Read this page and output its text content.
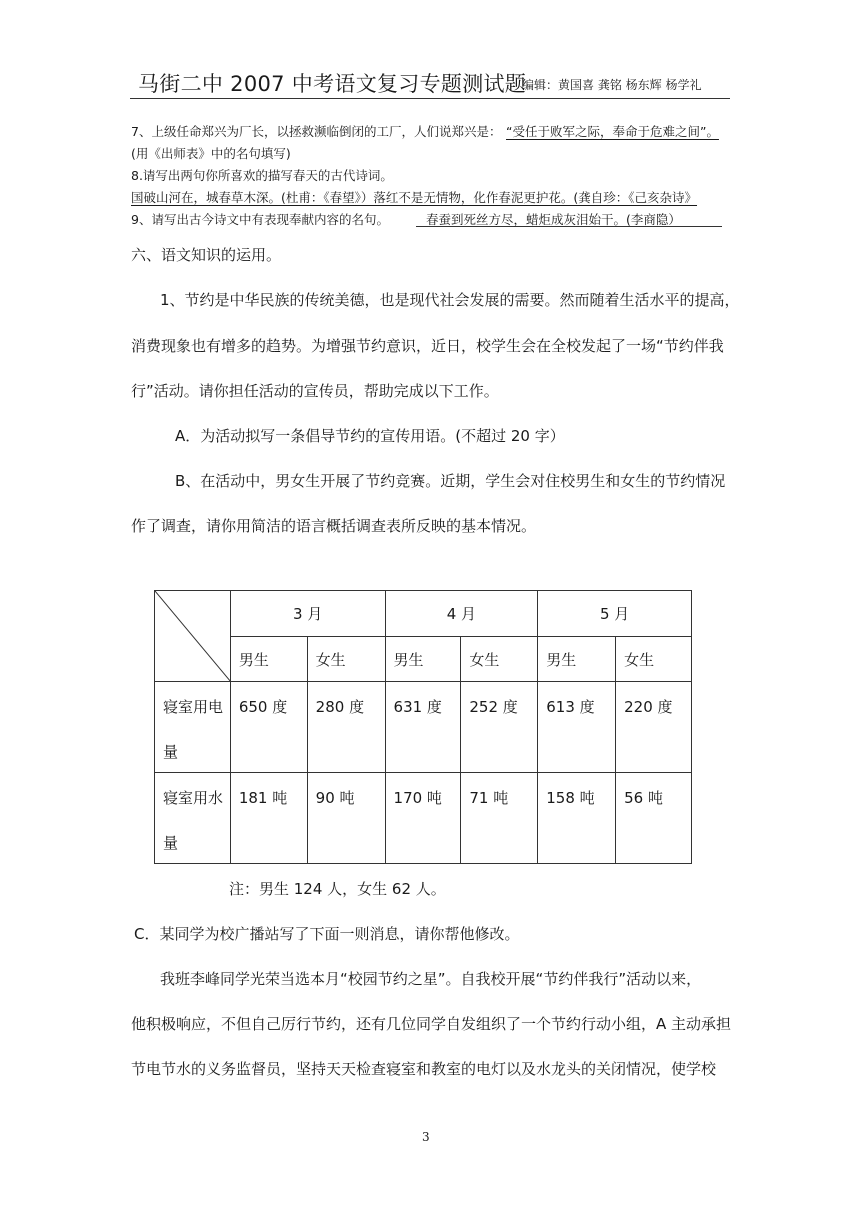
马街二中 2007 中考语文复习专题测试题
编辑：黄国喜 龚铭 杨东辉 杨学礼
7、上级任命郑兴为厂长，以拯救濒临倒闭的工厂，人们说郑兴是： “受任于败军之际，奉命于危难之间”。
(用《出师表》中的名句填写)
8.请写出两句你所喜欢的描写春天的古代诗词。
国破山河在，城春草木深。(杜甫：《春望》）落红不是无情物，化作春泥更护花。(龚自珍：《己亥杂诗》
9、请写出古今诗文中有表现奉献内容的名句。	春蚕到死丝方尽，蜡炬成灰泪始干。(李商隐）
六、语文知识的运用。
1、节约是中华民族的传统美德，也是现代社会发展的需要。然而随着生活水平的提高，
消费现象也有增多的趋势。为增强节约意识，近日，校学生会在全校发起了一场“节约伴我
行”活动。请你担任活动的宣传员，帮助完成以下工作。
A．为活动拟写一条倡导节约的宣传用语。(不超过 20 字）
B、在活动中，男女生开展了节约竞赛。近期，学生会对住校男生和女生的节约情况
作了调查，请你用简洁的语言概括调查表所反映的基本情况。
	3 月		4 月		5 月	
	男生	女生	男生	女生	男生	女生

寝室用电
量	650 度	280 度	631 度	252 度	613 度	220 度

寝室用水
量	181 吨	90 吨	170 吨	71 吨	158 吨	56 吨
注：男生 124 人，女生 62 人。
C．某同学为校广播站写了下面一则消息，请你帮他修改。
我班李峰同学光荣当选本月“校园节约之星”。自我校开展“节约伴我行”活动以来，
他积极响应，不但自己厉行节约，还有几位同学自发组织了一个节约行动小组，A 主动承担
节电节水的义务监督员，坚持天天检查寝室和教室的电灯以及水龙头的关闭情况，使学校
3
